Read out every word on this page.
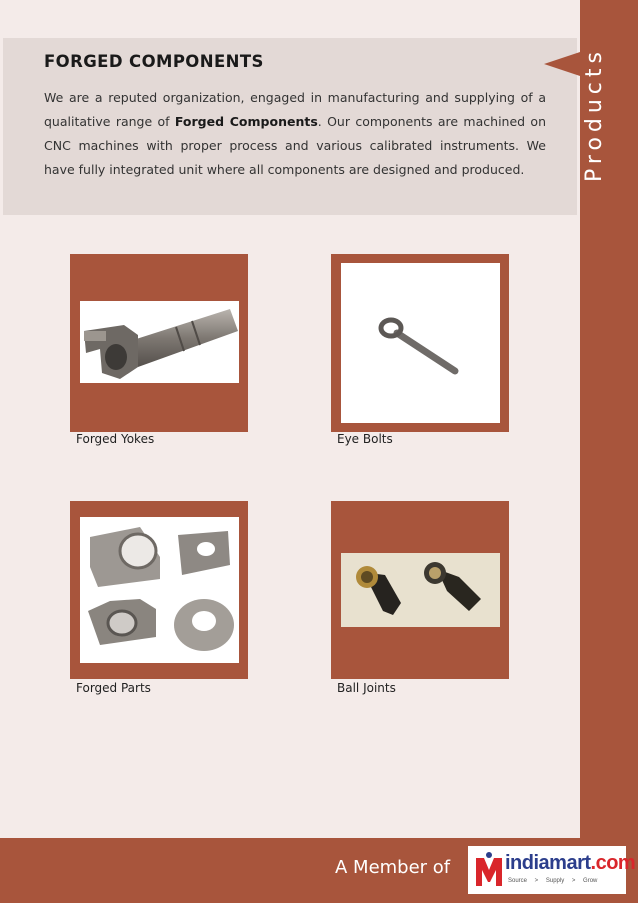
Products
FORGED COMPONENTS
We are a reputed organization, engaged in manufacturing and supplying of a qualitative range of Forged Components. Our components are machined on CNC machines with proper process and various calibrated instruments. We have fully integrated unit where all components are designed and produced.
Forged Yokes	Eye Bolts
Forged Parts	Ball Joints
A Member of	indiamart.com
Source > Supply > Grow
